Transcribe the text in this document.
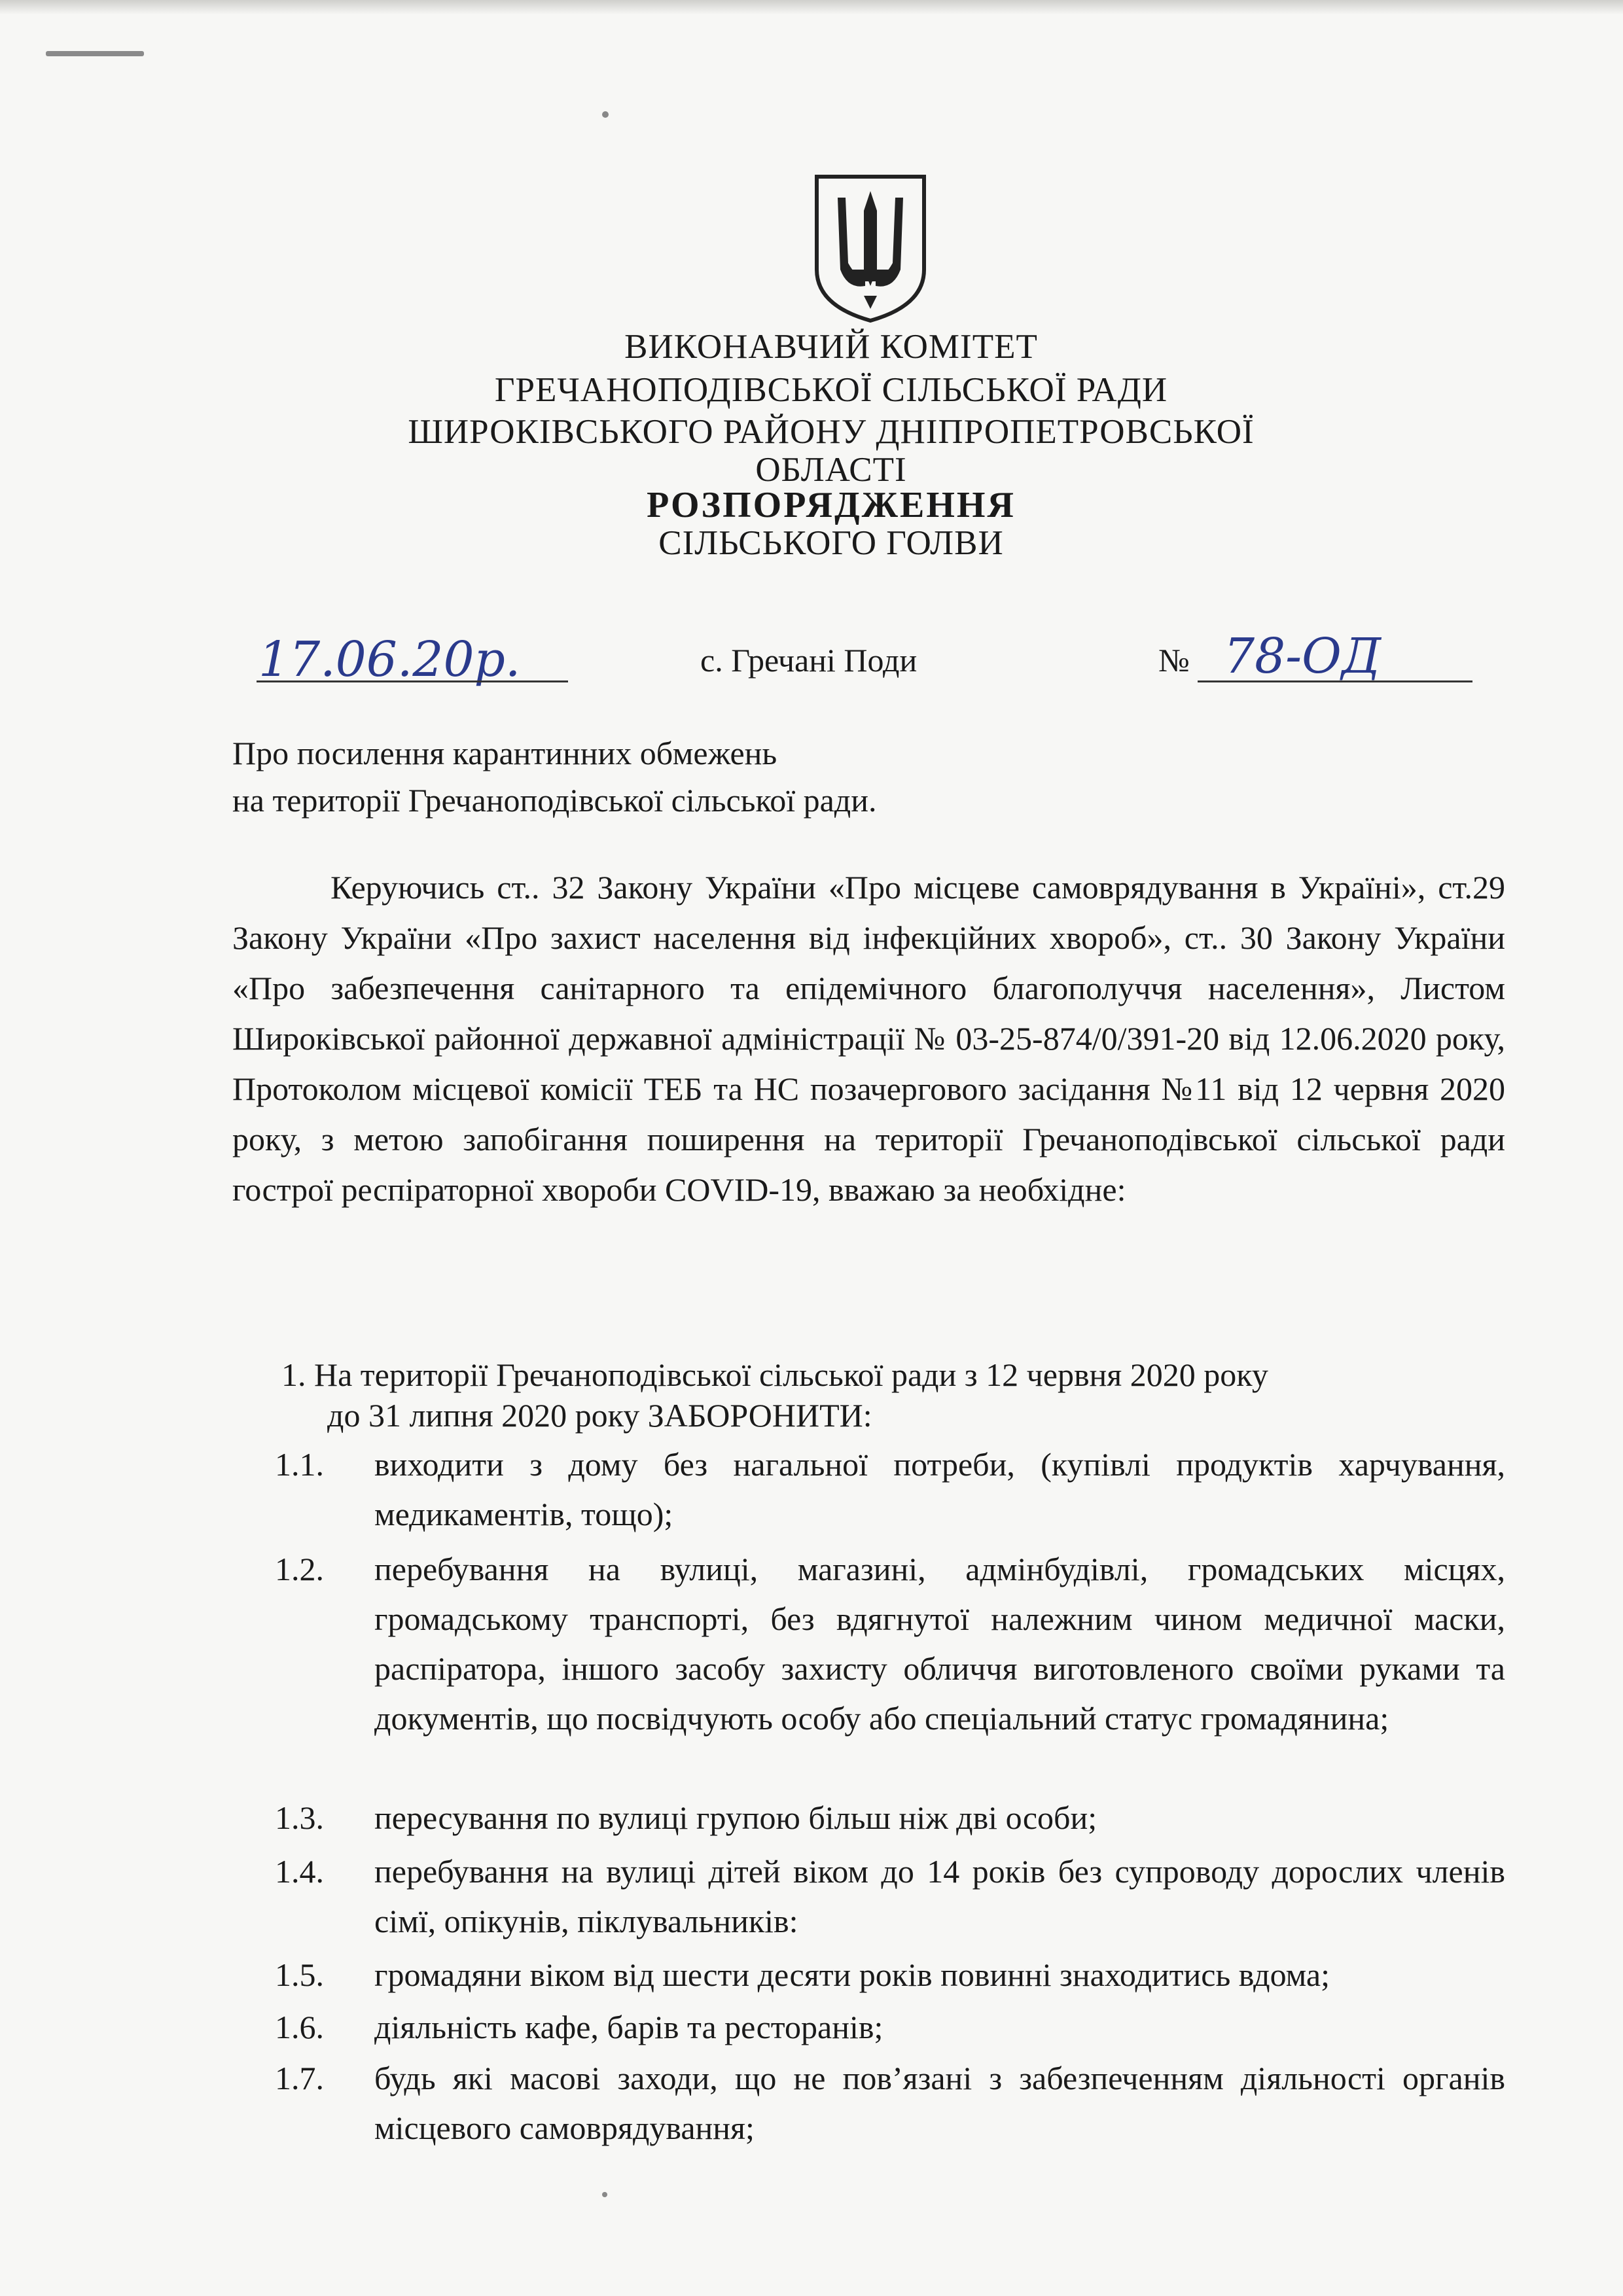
ВИКОНАВЧИЙ КОМІТЕТ
ГРЕЧАНОПОДІВСЬКОЇ СІЛЬСЬКОЇ РАДИ
ШИРОКІВСЬКОГО РАЙОНУ ДНІПРОПЕТРОВСЬКОЇ
ОБЛАСТІ
РОЗПОРЯДЖЕННЯ
СІЛЬСЬКОГО ГОЛВИ
17.06.20р.	с. Гречані Поди	№ 78-ОД
Про посилення карантинних обмежень
на території Гречаноподівської сільської ради.
Керуючись ст.. 32 Закону України «Про місцеве самоврядування в Україні», ст.29 Закону України «Про захист населення від інфекційних хвороб», ст.. 30 Закону України «Про забезпечення санітарного та епідемічного благополуччя населення», Листом Широківської районної державної адміністрації № 03-25-874/0/391-20 від 12.06.2020 року, Протоколом місцевої комісії ТЕБ та НС позачергового засідання №11 від 12 червня 2020 року, з метою запобігання поширення на території Гречаноподівської сільської ради гострої респіраторної хвороби COVID-19, вважаю за необхідне:
1. На території Гречаноподівської сільської ради з 12 червня 2020 року
до 31 липня 2020 року ЗАБОРОНИТИ:
1.1.	виходити з дому без нагальної потреби, (купівлі продуктів харчування, медикаментів, тощо);
1.2.	перебування на вулиці, магазині, адмінбудівлі, громадських місцях, громадському транспорті, без вдягнутої належним чином медичної маски, распіратора, іншого засобу захисту обличчя виготовленого своїми руками та документів, що посвідчують особу або спеціальний статус громадянина;
1.3.	пересування по вулиці групою більш ніж дві особи;
1.4.	перебування на вулиці дітей віком до 14 років без супроводу дорослих членів сімї, опікунів, піклувальників:
1.5.	громадяни віком від шести десяти років повинні знаходитись вдома;
1.6.	діяльність кафе, барів та ресторанів;
1.7.	будь які масові заходи, що не пов’язані з забезпеченням діяльності органів місцевого самоврядування;
